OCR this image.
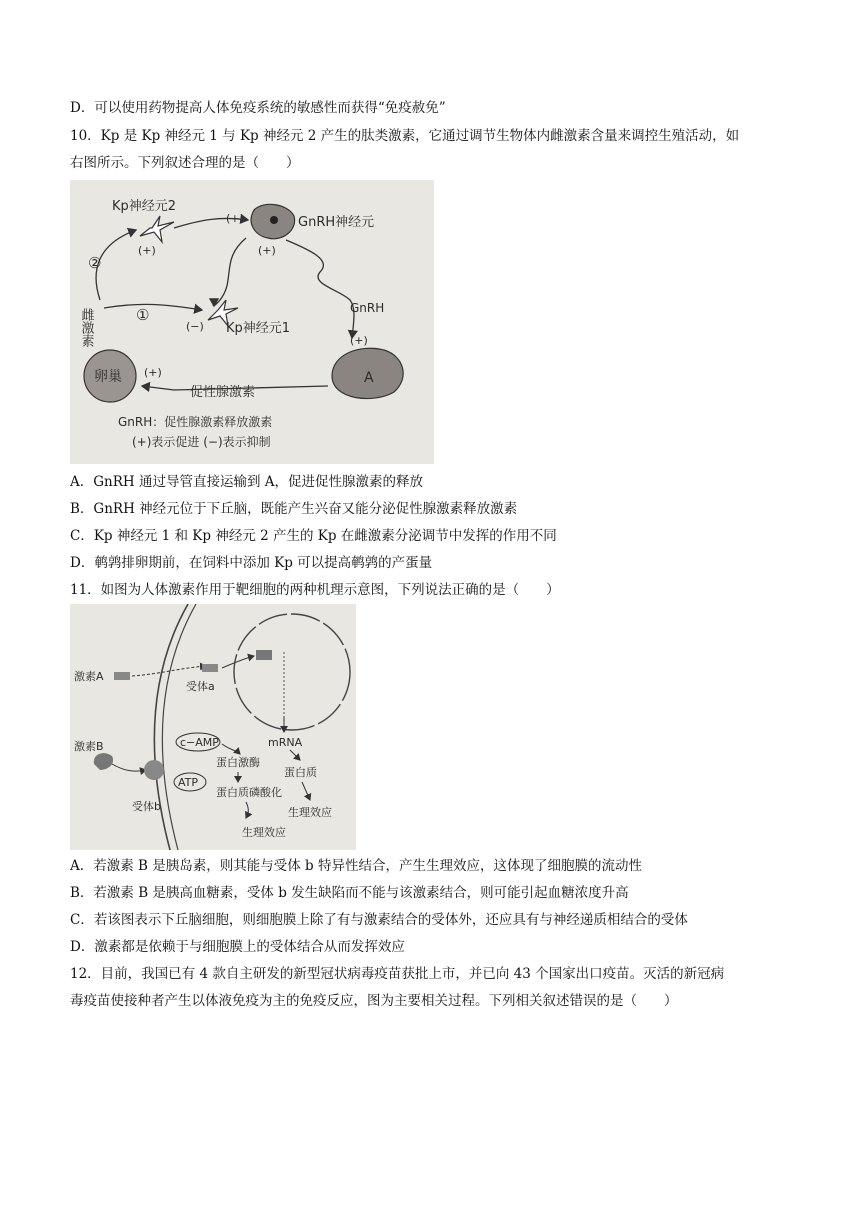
D．可以使用药物提高人体免疫系统的敏感性而获得“免疫赦免”
10．Kp 是 Kp 神经元 1 与 Kp 神经元 2 产生的肽类激素，它通过调节生物体内雌激素含量来调控生殖活动，如
右图所示。下列叙述合理的是（　　）
Kp神经元2
(+)
(+)	GnRH神经元
(+)
②
GnRH
(+)
雌激素	①
(−) Kp神经元1
A
卵巢 (+)
促性腺激素
GnRH：促性腺激素释放激素
(+)表示促进 (−)表示抑制
A．GnRH 通过导管直接运输到 A，促进促性腺激素的释放
B．GnRH 神经元位于下丘脑，既能产生兴奋又能分泌促性腺激素释放激素
C．Kp 神经元 1 和 Kp 神经元 2 产生的 Kp 在雌激素分泌调节中发挥的作用不同
D．鹌鹑排卵期前，在饲料中添加 Kp 可以提高鹌鹑的产蛋量
11．如图为人体激素作用于靶细胞的两种机理示意图，下列说法正确的是（　　）
激素A
受体a
mRNA
激素B
受体b
c−AMP
ATP
蛋白激酶
蛋白质磷酸化
生理效应
蛋白质
生理效应
A．若激素 B 是胰岛素，则其能与受体 b 特异性结合，产生生理效应，这体现了细胞膜的流动性
B．若激素 B 是胰高血糖素，受体 b 发生缺陷而不能与该激素结合，则可能引起血糖浓度升高
C．若该图表示下丘脑细胞，则细胞膜上除了有与激素结合的受体外，还应具有与神经递质相结合的受体
D．激素都是依赖于与细胞膜上的受体结合从而发挥效应
12．目前，我国已有 4 款自主研发的新型冠状病毒疫苗获批上市，并已向 43 个国家出口疫苗。灭活的新冠病
毒疫苗使接种者产生以体液免疫为主的免疫反应，图为主要相关过程。下列相关叙述错误的是（　　）
